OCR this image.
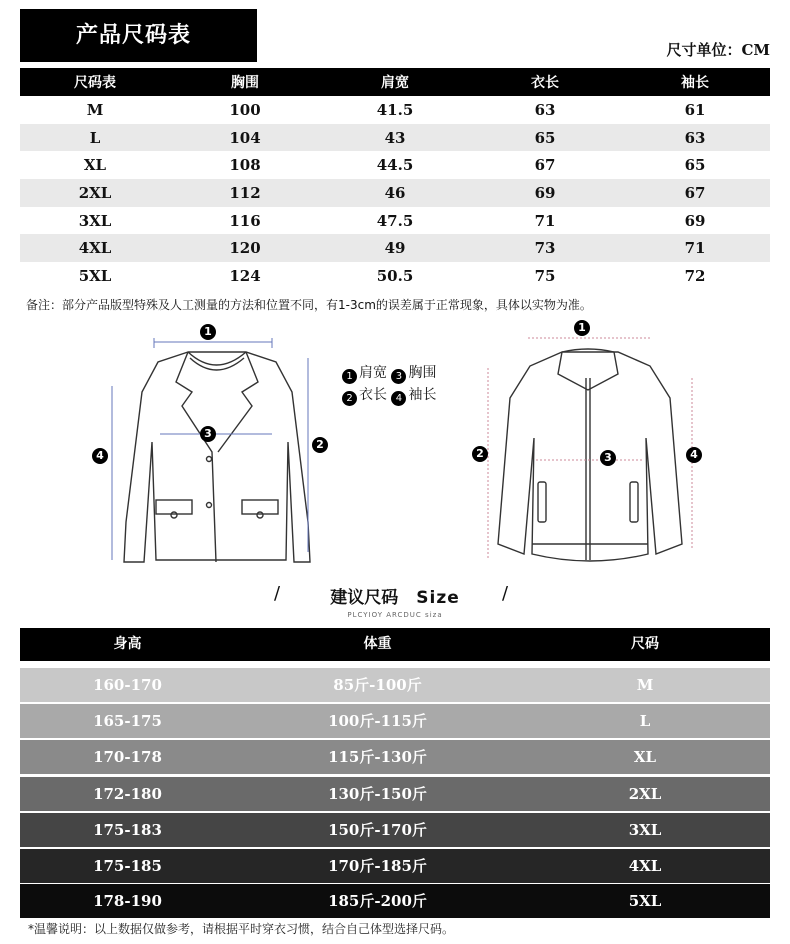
产品尺码表
尺寸单位：CM
尺码表	胸围	肩宽	衣长	袖长
M	100	41.5	63	61
L	104	43	65	63
XL	108	44.5	67	65
2XL	112	46	69	67
3XL	116	47.5	71	69
4XL	120	49	73	71
5XL	124	50.5	75	72
备注：部分产品版型特殊及人工测量的方法和位置不同，有1-3cm的误差属于正常现象，具体以实物为准。
1
3
2
4
1 肩宽 3 胸围
2 衣长 4 袖长
1
2	3	4
/	建议尺码 Size /
PLCYIOY ARCDUC siza
身高	体重	尺码
160-170	85斤-100斤	M
165-175	100斤-115斤	L
170-178	115斤-130斤	XL
172-180	130斤-150斤	2XL
175-183	150斤-170斤	3XL
175-185	170斤-185斤	4XL
178-190	185斤-200斤	5XL
*温馨说明：以上数据仅做参考，请根据平时穿衣习惯，结合自己体型选择尺码。
